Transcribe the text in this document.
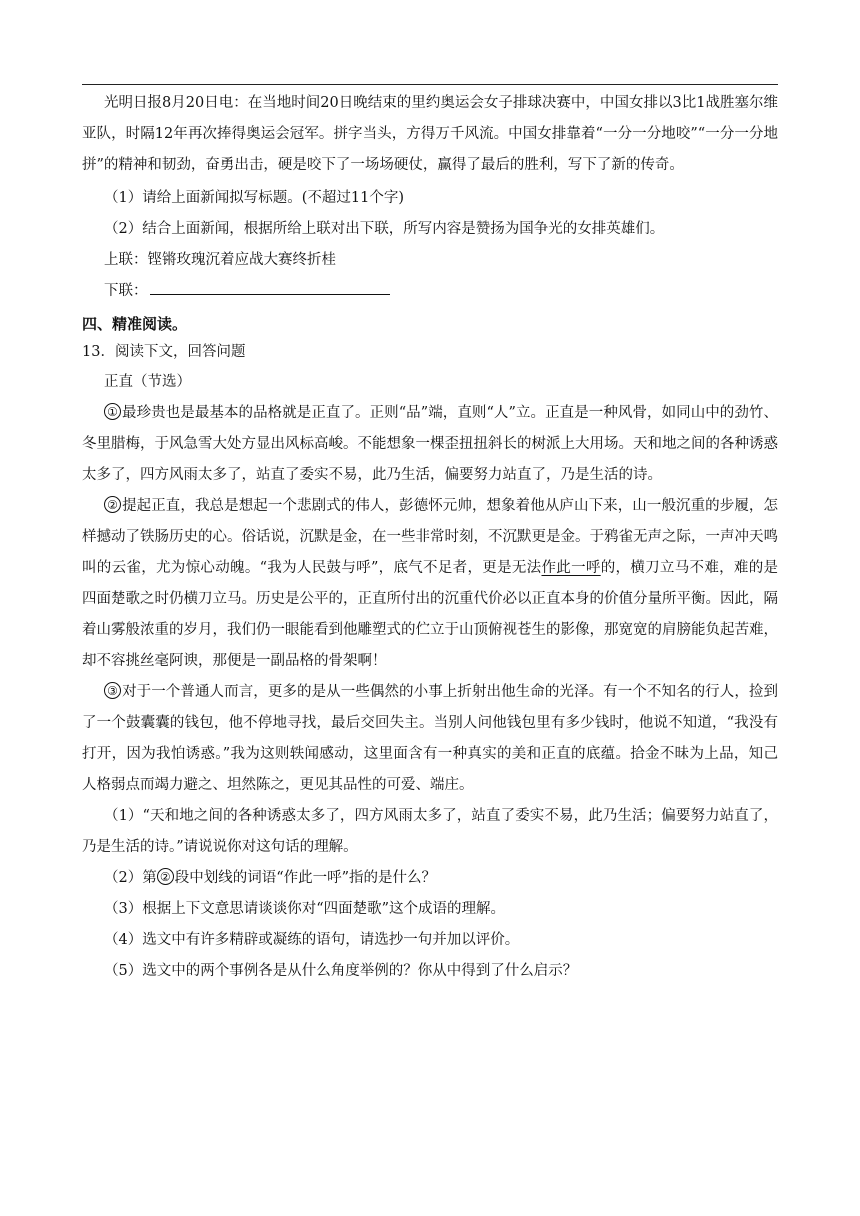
光明日报8月20日电：在当地时间20日晚结束的里约奥运会女子排球决赛中，中国女排以3比1战胜塞尔维亚队，时隔12年再次捧得奥运会冠军。拼字当头，方得万千风流。中国女排靠着“一分一分地咬”“一分一分地拼”的精神和韧劲，奋勇出击，硬是咬下了一场场硬仗，赢得了最后的胜利，写下了新的传奇。

（1）请给上面新闻拟写标题。(不超过11个字)

（2）结合上面新闻，根据所给上联对出下联，所写内容是赞扬为国争光的女排英雄们。

上联：铿锵玫瑰沉着应战大赛终折桂

下联：

四、精准阅读。

13．阅读下文，回答问题

正直（节选）

① 最珍贵也是最基本的品格就是正直了。正则“品”端，直则“人”立。正直是一种风骨，如同山中的劲竹、冬里腊梅，于风急雪大处方显出风标高峻。不能想象一棵歪扭扭斜长的树派上大用场。天和地之间的各种诱惑太多了，四方风雨太多了，站直了委实不易，此乃生活，偏要努力站直了，乃是生活的诗。

② 提起正直，我总是想起一个悲剧式的伟人，彭德怀元帅，想象着他从庐山下来，山一般沉重的步履，怎样撼动了铁肠历史的心。俗话说，沉默是金，在一些非常时刻，不沉默更是金。于鸦雀无声之际，一声冲天鸣叫的云雀，尤为惊心动魄。“我为人民鼓与呼”，底气不足者，更是无法作此一呼的，横刀立马不难，难的是四面楚歌之时仍横刀立马。历史是公平的，正直所付出的沉重代价必以正直本身的价值分量所平衡。因此，隔着山雾般浓重的岁月，我们仍一眼能看到他雕塑式的伫立于山顶俯视苍生的影像，那宽宽的肩膀能负起苦难，却不容挑丝毫阿谀，那便是一副品格的骨架啊！

③ 对于一个普通人而言，更多的是从一些偶然的小事上折射出他生命的光泽。有一个不知名的行人，捡到了一个鼓囊囊的钱包，他不停地寻找，最后交回失主。当别人问他钱包里有多少钱时，他说不知道，“我没有打开，因为我怕诱惑。”我为这则轶闻感动，这里面含有一种真实的美和正直的底蕴。拾金不昧为上品，知己人格弱点而竭力避之、坦然陈之，更见其品性的可爱、端庄。

（1）“天和地之间的各种诱惑太多了，四方风雨太多了，站直了委实不易，此乃生活；偏要努力站直了，乃是生活的诗。”请说说你对这句话的理解。

（2）第 ② 段中划线的词语“作此一呼”指的是什么？

（3）根据上下文意思请谈谈你对“四面楚歌”这个成语的理解。

（4）选文中有许多精辟或凝练的语句，请选抄一句并加以评价。

（5）选文中的两个事例各是从什么角度举例的？你从中得到了什么启示？
